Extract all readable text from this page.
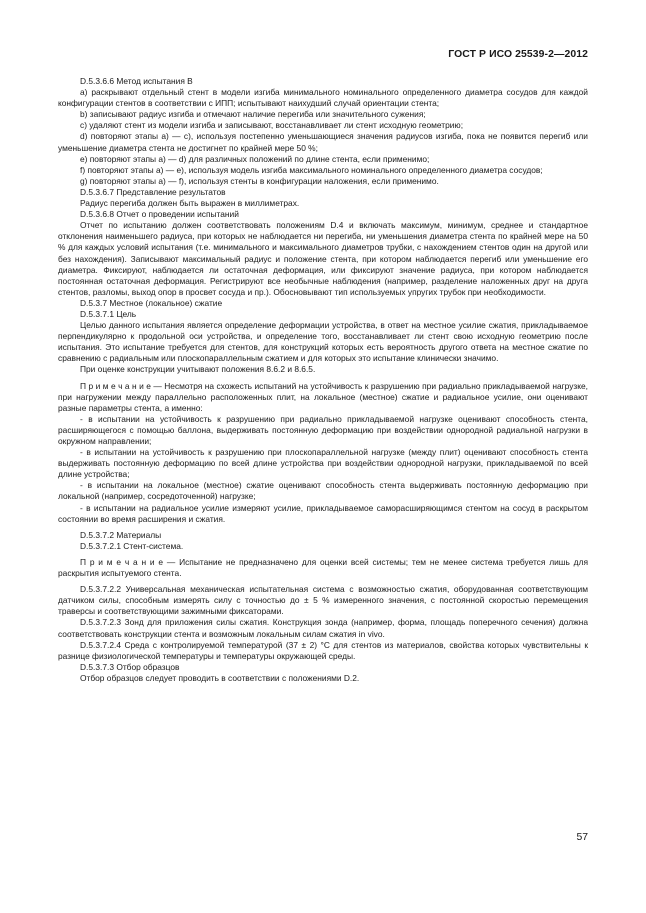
ГОСТ Р ИСО 25539-2—2012

D.5.3.6.6 Метод испытания B

a) раскрывают отдельный стент в модели изгиба минимального номинального определенного диаметра сосудов для каждой конфигурации стентов в соответствии с ИПП; испытывают наихудший случай ориентации стента;

b) записывают радиус изгиба и отмечают наличие перегиба или значительного сужения;

c) удаляют стент из модели изгиба и записывают, восстанавливает ли стент исходную геометрию;

d) повторяют этапы a) — c), используя постепенно уменьшающиеся значения радиусов изгиба, пока не появится перегиб или уменьшение диаметра стента не достигнет по крайней мере 50 %;

e) повторяют этапы a) — d) для различных положений по длине стента, если применимо;

f) повторяют этапы a) — e), используя модель изгиба максимального номинального определенного диаметра сосудов;

g) повторяют этапы a) — f), используя стенты в конфигурации наложения, если применимо.

D.5.3.6.7 Представление результатов

Радиус перегиба должен быть выражен в миллиметрах.

D.5.3.6.8 Отчет о проведении испытаний

Отчет по испытанию должен соответствовать положениям D.4 и включать максимум, минимум, среднее и стандартное отклонения наименьшего радиуса, при которых не наблюдается ни перегиба, ни уменьшения диаметра стента по крайней мере на 50 % для каждых условий испытания (т.е. минимального и максимального диаметров трубки, с нахождением стентов один на другой или без нахождения). Записывают максимальный радиус и положение стента, при котором наблюдается перегиб или уменьшение его диаметра. Фиксируют, наблюдается ли остаточная деформация, или фиксируют значение радиуса, при котором наблюдается постоянная остаточная деформация. Регистрируют все необычные наблюдения (например, разделение наложенных друг на друга стентов, разломы, выход опор в просвет сосуда и пр.). Обосновывают тип используемых упругих трубок при необходимости.

D.5.3.7 Местное (локальное) сжатие

D.5.3.7.1 Цель

Целью данного испытания является определение деформации устройства, в ответ на местное усилие сжатия, прикладываемое перпендикулярно к продольной оси устройства, и определение того, восстанавливает ли стент свою исходную геометрию после испытания. Это испытание требуется для стентов, для конструкций которых есть вероятность другого ответа на местное сжатие по сравнению с радиальным или плоскопараллельным сжатием и для которых это испытание клинически значимо.

При оценке конструкции учитывают положения 8.6.2 и 8.6.5.

П р и м е ч а н и е — Несмотря на схожесть испытаний на устойчивость к разрушению при радиально прикладываемой нагрузке, при нагружении между параллельно расположенных плит, на локальное (местное) сжатие и радиальное усилие, они оценивают разные параметры стента, а именно:

- в испытании на устойчивость к разрушению при радиально прикладываемой нагрузке оценивают способность стента, расширяющегося с помощью баллона, выдерживать постоянную деформацию при воздействии однородной радиальной нагрузки в окружном направлении;

- в испытании на устойчивость к разрушению при плоскопараллельной нагрузке (между плит) оценивают способность стента выдерживать постоянную деформацию по всей длине устройства при воздействии однородной нагрузки, прикладываемой по всей длине устройства;

- в испытании на локальное (местное) сжатие оценивают способность стента выдерживать постоянную деформацию при локальной (например, сосредоточенной) нагрузке;

- в испытании на радиальное усилие измеряют усилие, прикладываемое саморасширяющимся стентом на сосуд в раскрытом состоянии во время расширения и сжатия.

D.5.3.7.2 Материалы

D.5.3.7.2.1 Стент-система.

П р и м е ч а н и е — Испытание не предназначено для оценки всей системы; тем не менее система требуется лишь для раскрытия испытуемого стента.

D.5.3.7.2.2 Универсальная механическая испытательная система с возможностью сжатия, оборудованная соответствующим датчиком силы, способным измерять силу с точностью до ± 5 % измеренного значения, с постоянной скоростью перемещения траверсы и соответствующими зажимными фиксаторами.

D.5.3.7.2.3 Зонд для приложения силы сжатия. Конструкция зонда (например, форма, площадь поперечного сечения) должна соответствовать конструкции стента и возможным локальным силам сжатия in vivo.

D.5.3.7.2.4 Среда с контролируемой температурой (37 ± 2) °C для стентов из материалов, свойства которых чувствительны к разнице физиологической температуры и температуры окружающей среды.

D.5.3.7.3 Отбор образцов

Отбор образцов следует проводить в соответствии с положениями D.2.

57
